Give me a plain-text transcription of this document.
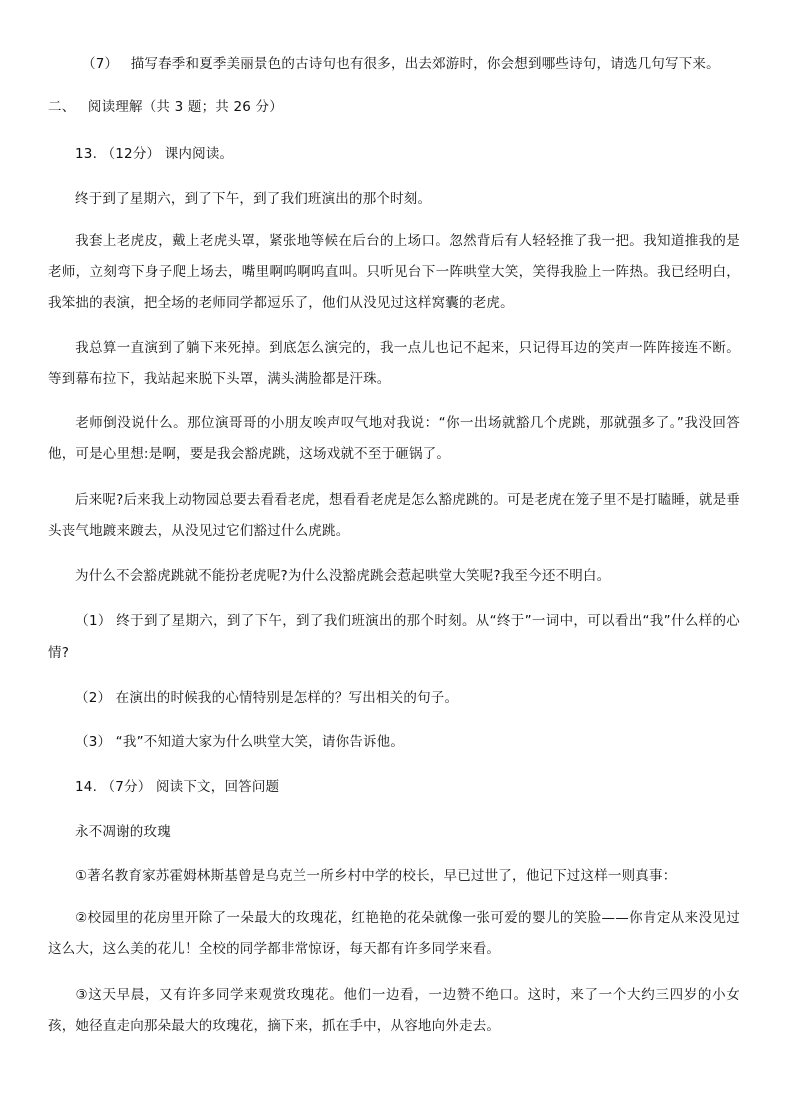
（7） 描写春季和夏季美丽景色的古诗句也有很多，出去郊游时，你会想到哪些诗句，请选几句写下来。
二、 阅读理解（共 3 题；共 26 分）
13. （12分） 课内阅读。
终于到了星期六，到了下午，到了我们班演出的那个时刻。
我套上老虎皮，戴上老虎头罩，紧张地等候在后台的上场口。忽然背后有人轻轻推了我一把。我知道推我的是老师，立刻弯下身子爬上场去，嘴里啊呜啊呜直叫。只听见台下一阵哄堂大笑，笑得我脸上一阵热。我已经明白，我笨拙的表演，把全场的老师同学都逗乐了，他们从没见过这样窝囊的老虎。
我总算一直演到了躺下来死掉。到底怎么演完的，我一点儿也记不起来，只记得耳边的笑声一阵阵接连不断。等到幕布拉下，我站起来脱下头罩，满头满脸都是汗珠。
老师倒没说什么。那位演哥哥的小朋友唉声叹气地对我说：“你一出场就豁几个虎跳，那就强多了。”我没回答他，可是心里想:是啊，要是我会豁虎跳，这场戏就不至于砸锅了。
后来呢?后来我上动物园总要去看看老虎，想看看老虎是怎么豁虎跳的。可是老虎在笼子里不是打瞌睡，就是垂头丧气地踱来踱去，从没见过它们豁过什么虎跳。
为什么不会豁虎跳就不能扮老虎呢?为什么没豁虎跳会惹起哄堂大笑呢?我至今还不明白。
（1） 终于到了星期六，到了下午，到了我们班演出的那个时刻。从“终于”一词中，可以看出“我”什么样的心情?
（2） 在演出的时候我的心情特别是怎样的？写出相关的句子。
（3） “我”不知道大家为什么哄堂大笑，请你告诉他。
14. （7分） 阅读下文，回答问题
永不凋谢的玫瑰
①著名教育家苏霍姆林斯基曾是乌克兰一所乡村中学的校长，早已过世了，他记下过这样一则真事：
②校园里的花房里开除了一朵最大的玫瑰花，红艳艳的花朵就像一张可爱的婴儿的笑脸——你肯定从来没见过这么大，这么美的花儿！全校的同学都非常惊讶，每天都有许多同学来看。
③这天早晨，又有许多同学来观赏玫瑰花。他们一边看，一边赞不绝口。这时，来了一个大约三四岁的小女孩，她径直走向那朵最大的玫瑰花，摘下来，抓在手中，从容地向外走去。
